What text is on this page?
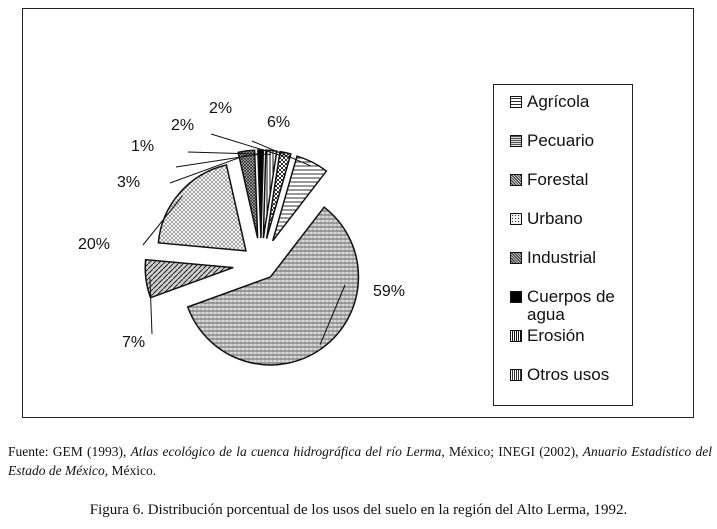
6%
59%
7%
20%
3%
1%
2%
2%	Agrícola
Pecuario
Forestal
Urbano
Industrial
Cuerpos de agua
Erosión
Otros usos
Fuente: GEM (1993), Atlas ecológico de la cuenca hidrográfica del río Lerma, México; INEGI (2002), Anuario Estadístico del Estado de México, México.
Figura 6. Distribución porcentual de los usos del suelo en la región del Alto Lerma, 1992.
